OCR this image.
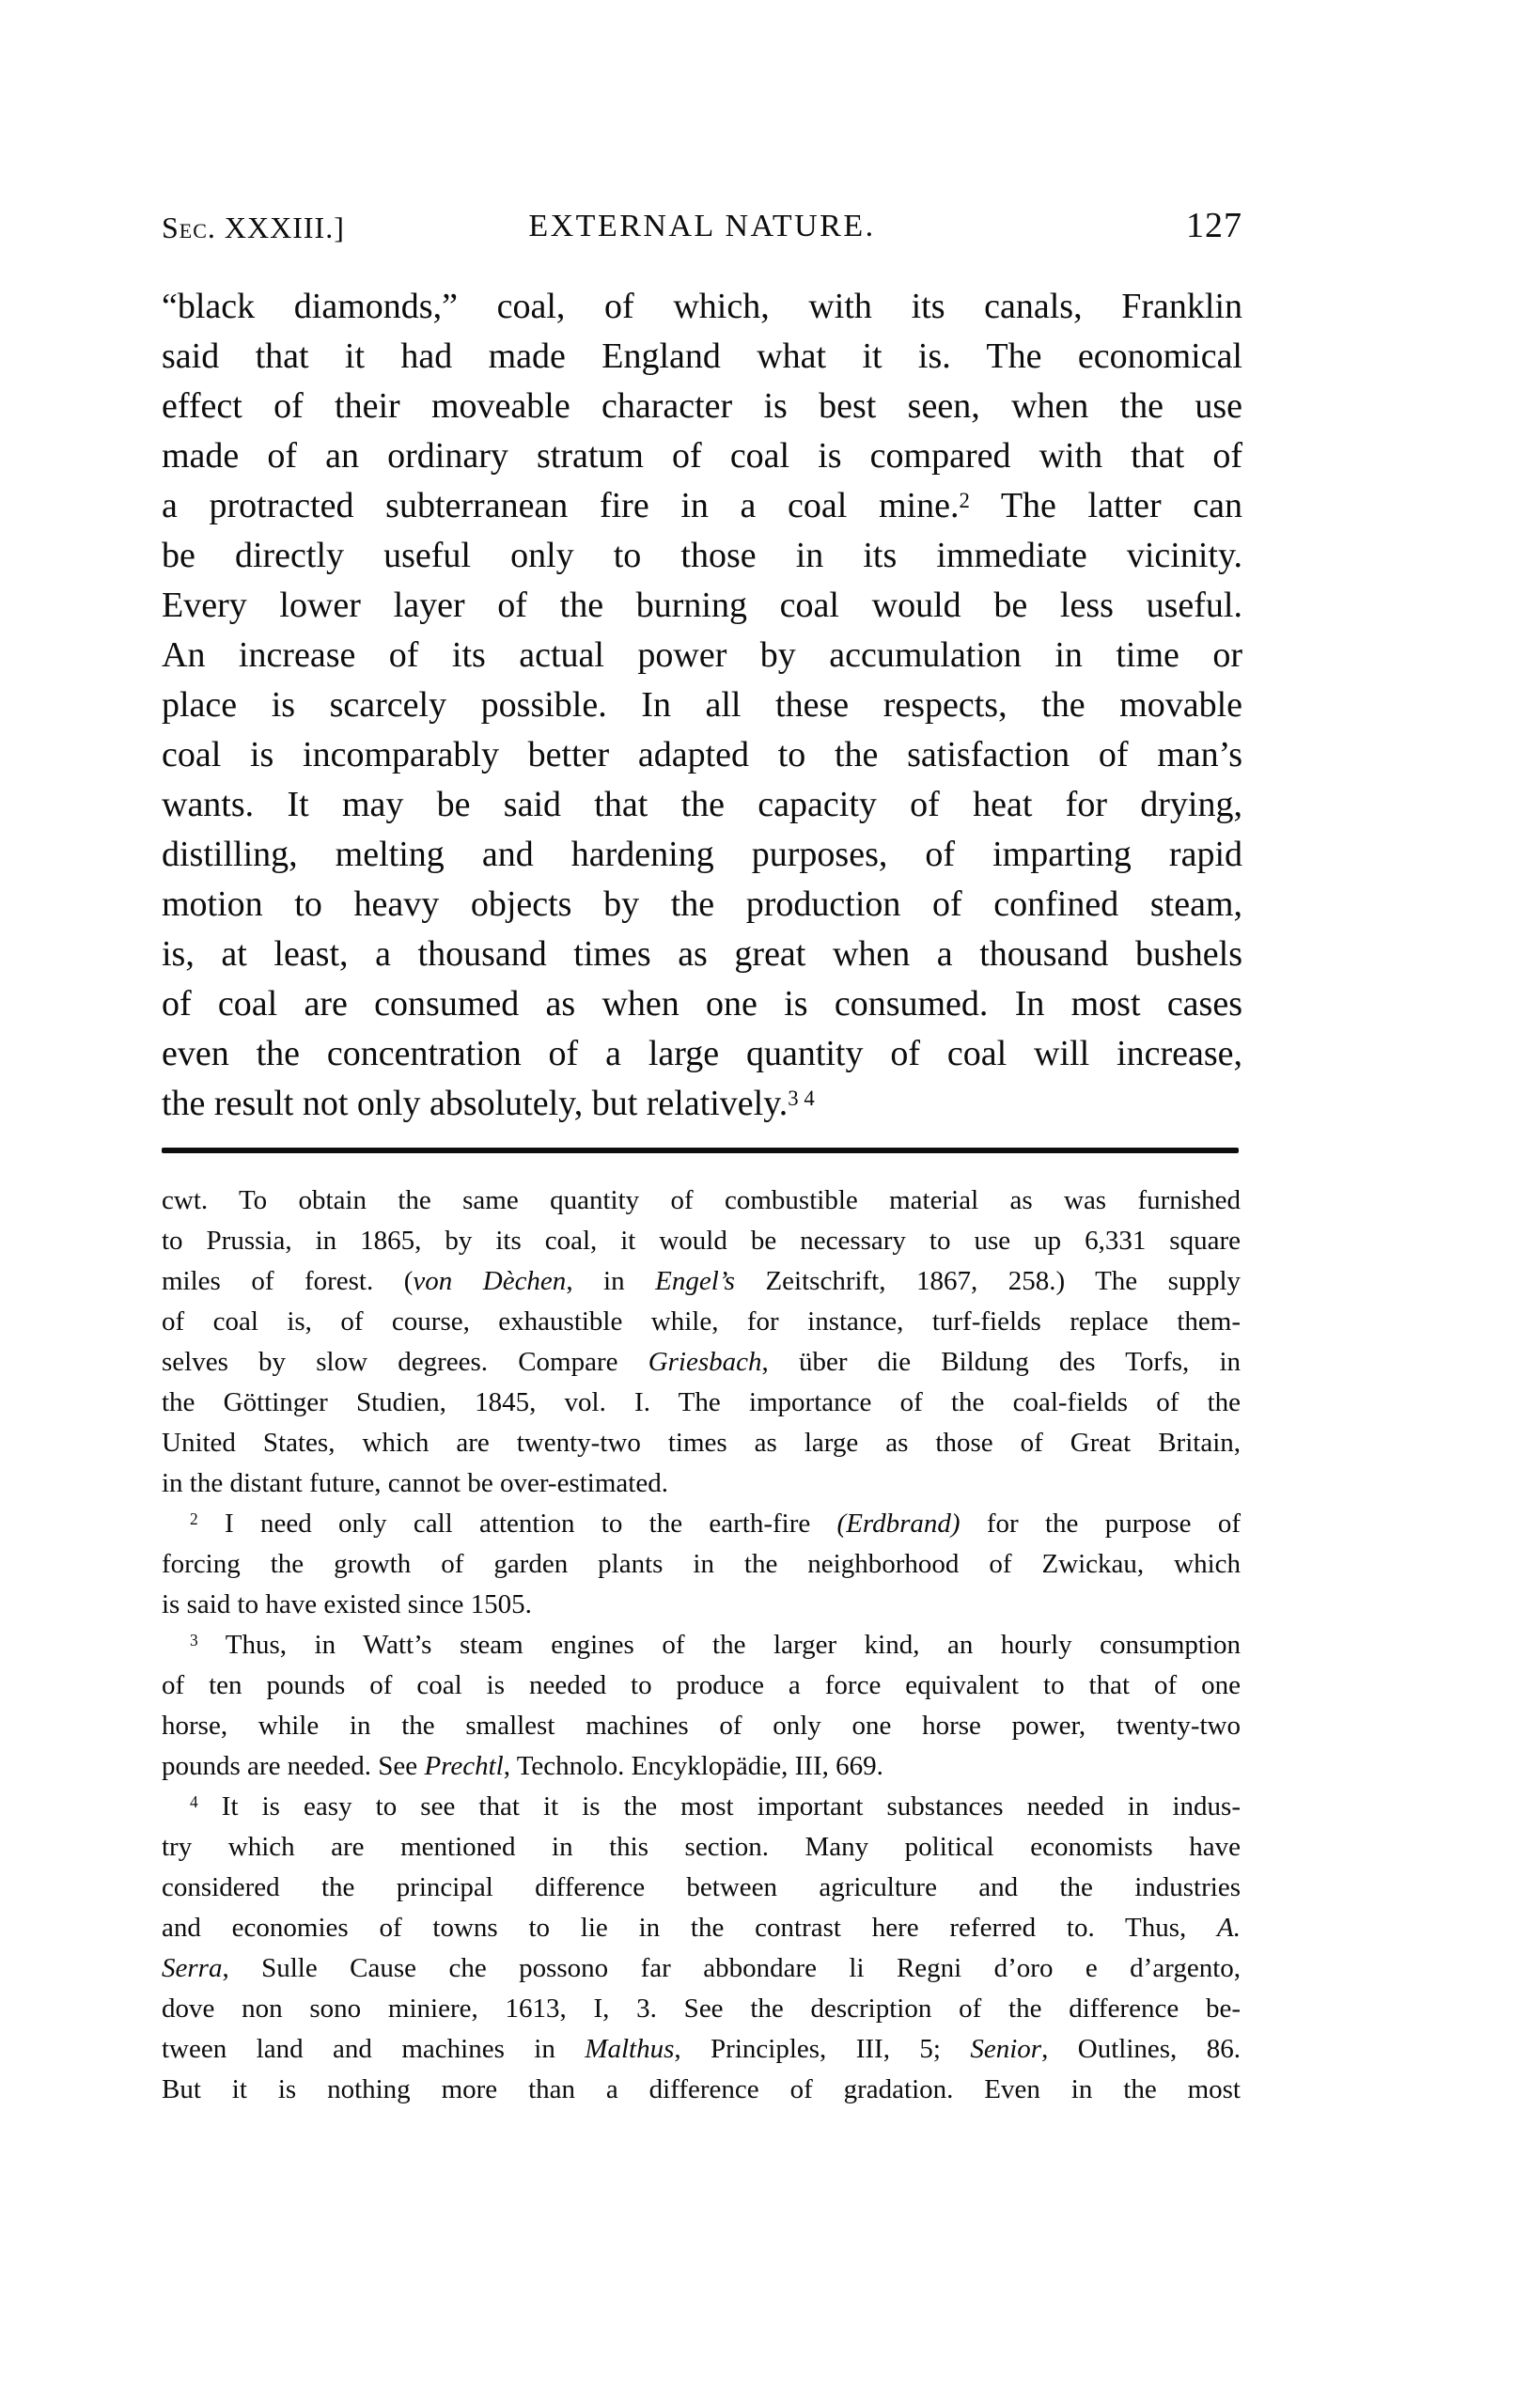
Sec. XXXIII.]	EXTERNAL NATURE.	127
“black diamonds,” coal, of which, with its canals, Franklin
said that it had made England what it is. The economical
effect of their moveable character is best seen, when the use
made of an ordinary stratum of coal is compared with that of
a protracted subterranean fire in a coal mine.$^2$ The latter can
be directly useful only to those in its immediate vicinity.
Every lower layer of the burning coal would be less useful.
An increase of its actual power by accumulation in time or
place is scarcely possible. In all these respects, the movable
coal is incomparably better adapted to the satisfaction of man’s
wants. It may be said that the capacity of heat for drying,
distilling, melting and hardening purposes, of imparting rapid
motion to heavy objects by the production of confined steam,
is, at least, a thousand times as great when a thousand bushels
of coal are consumed as when one is consumed. In most cases
even the concentration of a large quantity of coal will increase,
the result not only absolutely, but relatively.$^{3 4}$
cwt. To obtain the same quantity of combustible material as was furnished
to Prussia, in 1865, by its coal, it would be necessary to use up 6,331 square
miles of forest. (von Dèchen, in Engel’s Zeitschrift, 1867, 258.) The supply
of coal is, of course, exhaustible while, for instance, turf-fields replace them-
selves by slow degrees. Compare Griesbach, über die Bildung des Torfs, in
the Göttinger Studien, 1845, vol. I. The importance of the coal-fields of the
United States, which are twenty-two times as large as those of Great Britain,
in the distant future, cannot be over-estimated.
$^2$ I need only call attention to the earth-fire (Erdbrand) for the purpose of
forcing the growth of garden plants in the neighborhood of Zwickau, which
is said to have existed since 1505.
$^3$ Thus, in Watt’s steam engines of the larger kind, an hourly consumption
of ten pounds of coal is needed to produce a force equivalent to that of one
horse, while in the smallest machines of only one horse power, twenty-two
pounds are needed. See Prechtl, Technolo. Encyklopädie, III, 669.
$^4$ It is easy to see that it is the most important substances needed in indus-
try which are mentioned in this section. Many political economists have
considered the principal difference between agriculture and the industries
and economies of towns to lie in the contrast here referred to. Thus, A.
Serra, Sulle Cause che possono far abbondare li Regni d’oro e d’argento,
dove non sono miniere, 1613, I, 3. See the description of the difference be-
tween land and machines in Malthus, Principles, III, 5; Senior, Outlines, 86.
But it is nothing more than a difference of gradation. Even in the most
